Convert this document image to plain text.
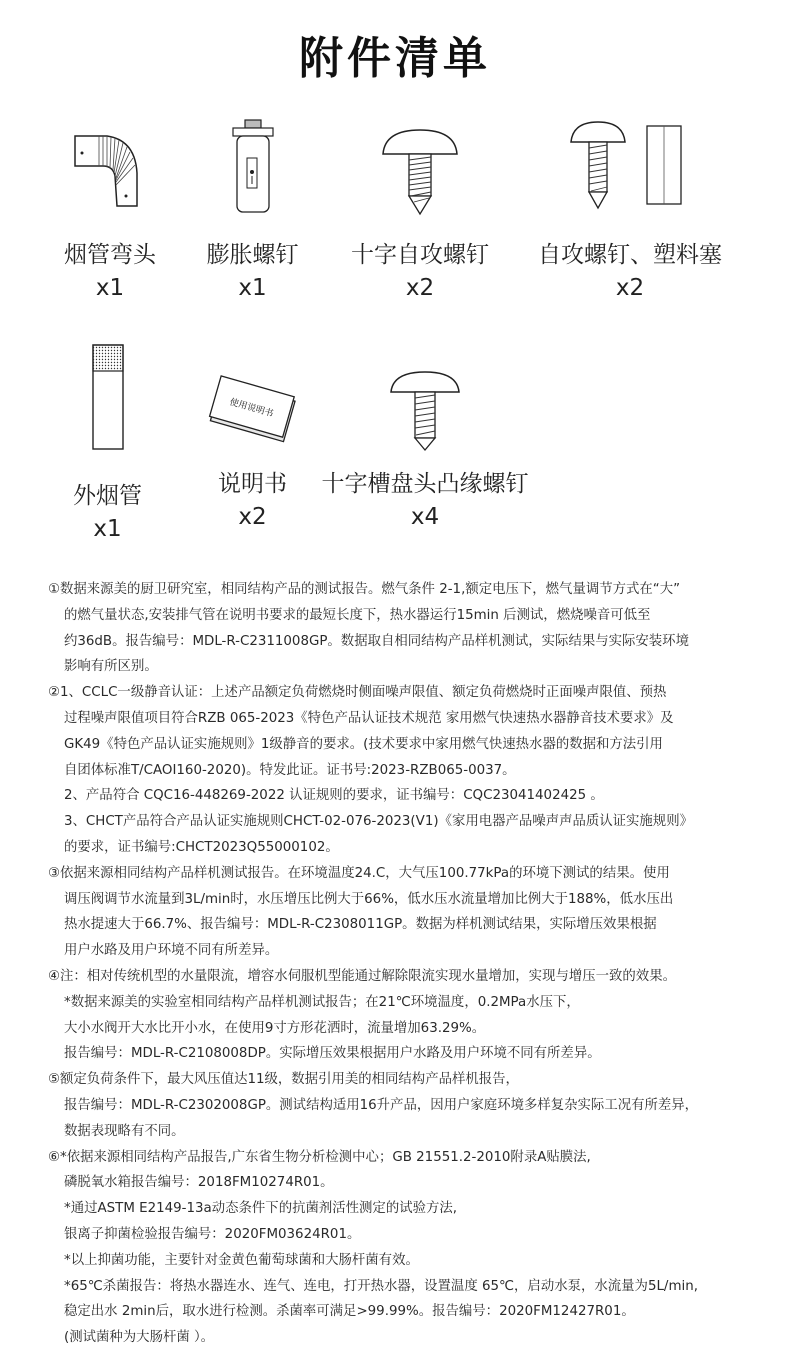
附件清单
烟管弯头
x1
膨胀螺钉
x1
十字自攻螺钉
x2
自攻螺钉、塑料塞
x2
外烟管
x1
使用说明书
说明书
x2
十字槽盘头凸缘螺钉
x4
①数据来源美的厨卫研究室，相同结构产品的测试报告。燃气条件 2-1,额定电压下，燃气量调节方式在“大”
的燃气量状态,安装排气管在说明书要求的最短长度下，热水器运行15min 后测试，燃烧噪音可低至
约36dB。报告编号：MDL-R-C2311008GP。数据取自相同结构产品样机测试，实际结果与实际安装环境
影响有所区别。
②1、CCLC一级静音认证：上述产品额定负荷燃烧时侧面噪声限值、额定负荷燃烧时正面噪声限值、预热
过程噪声限值项目符合RZB 065-2023《特色产品认证技术规范 家用燃气快速热水器静音技术要求》及
GK49《特色产品认证实施规则》1级静音的要求。(技术要求中家用燃气快速热水器的数据和方法引用
自团体标准T/CAOI160-2020)。特发此证。证书号:2023-RZB065-0037。
2、产品符合 CQC16-448269-2022 认证规则的要求，证书编号：CQC23041402425 。
3、CHCT产品符合产品认证实施规则CHCT-02-076-2023(V1)《家用电器产品噪声声品质认证实施规则》
的要求，证书编号:CHCT2023Q55000102。
③依据来源相同结构产品样机测试报告。在环境温度24.C，大气压100.77kPa的环境下测试的结果。使用
调压阀调节水流量到3L/min时，水压增压比例大于66%，低水压水流量增加比例大于188%，低水压出
热水提速大于66.7%、报告编号：MDL-R-C2308011GP。数据为样机测试结果，实际增压效果根据
用户水路及用户环境不同有所差异。
④注：相对传统机型的水量限流，增容水伺服机型能通过解除限流实现水量增加，实现与增压一致的效果。
*数据来源美的实验室相同结构产品样机测试报告；在21℃环境温度，0.2MPa水压下，
大小水阀开大水比开小水，在使用9寸方形花洒时，流量增加63.29%。
报告编号：MDL-R-C2108008DP。实际增压效果根据用户水路及用户环境不同有所差异。
⑤额定负荷条件下，最大风压值达11级，数据引用美的相同结构产品样机报告，
报告编号：MDL-R-C2302008GP。测试结构适用16升产品，因用户家庭环境多样复杂实际工况有所差异，
数据表现略有不同。
⑥*依据来源相同结构产品报告,广东省生物分析检测中心；GB 21551.2-2010附录A贴膜法,
磷脱氧水箱报告编号：2018FM10274R01。
*通过ASTM E2149-13a动态条件下的抗菌剂活性测定的试验方法,
银离子抑菌检验报告编号：2020FM03624R01。
*以上抑菌功能，主要针对金黄色葡萄球菌和大肠杆菌有效。
*65℃杀菌报告：将热水器连水、连气、连电，打开热水器，设置温度 65℃，启动水泵，水流量为5L/min,
稳定出水 2min后，取水进行检测。杀菌率可满足>99.99%。报告编号：2020FM12427R01。
(测试菌种为大肠杆菌 ）。
